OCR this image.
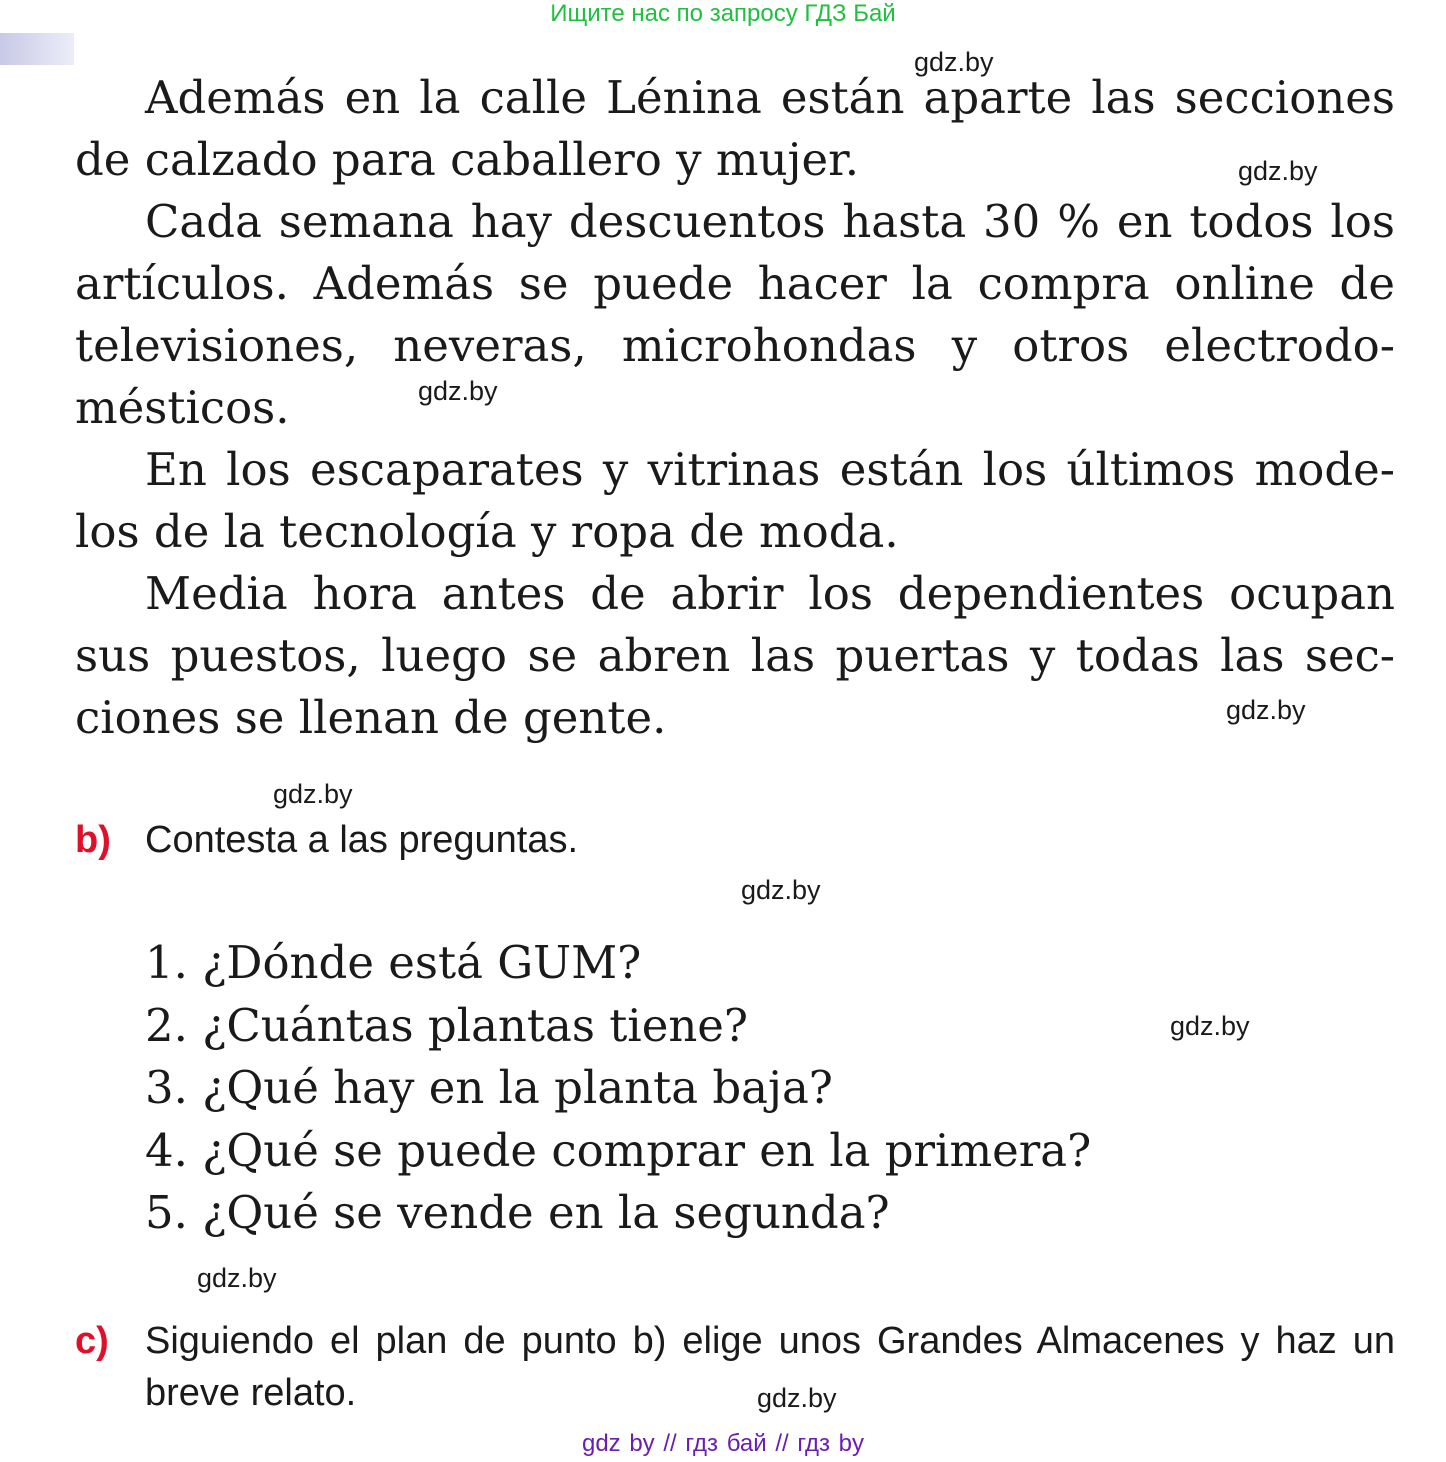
Ищите нас по запросу ГДЗ Бай

Además en la calle Lénina están aparte las secciones de calzado para caballero y mujer.

Cada semana hay descuentos hasta 30 % en todos los artículos. Además se puede hacer la compra online de televisiones, neveras, microhondas y otros electrodomésticos.

En los escaparates y vitrinas están los últimos modelos de la tecnología y ropa de moda.

Media hora antes de abrir los dependientes ocupan sus puestos, luego se abren las puertas y todas las secciones se llenan de gente.

b) Contesta a las preguntas.
1. ¿Dónde está GUM?
2. ¿Cuántas plantas tiene?
3. ¿Qué hay en la planta baja?
4. ¿Qué se puede comprar en la primera?
5. ¿Qué se vende en la segunda?
c) Siguiendo el plan de punto b) elige unos Grandes Almacenes y haz un breve relato.
gdz.by
gdz.by
gdz.by
gdz.by
gdz.by
gdz.by
gdz.by
gdz.by
gdz.by
gdz by // гдз бай // гдз by
